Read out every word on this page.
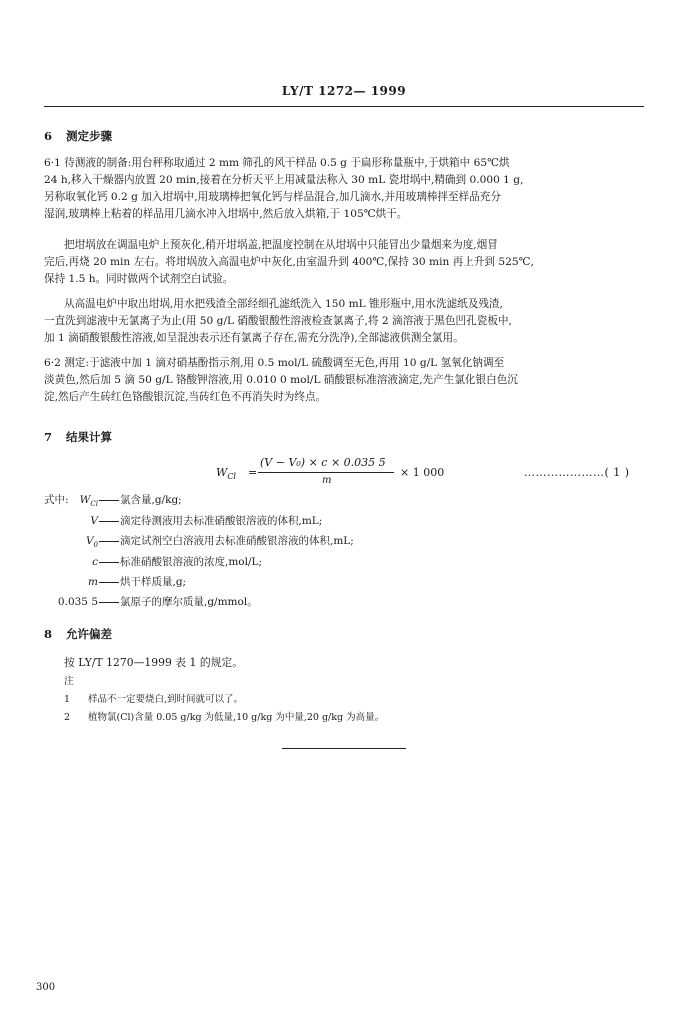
LY/T 1272— 1999
6 测定步骤
6·1 待测液的制备:用台秤称取通过 2 mm 筛孔的风干样品 0.5 g 于扁形称量瓶中,于烘箱中 65℃烘
24 h,移入干燥器内放置 20 min,接着在分析天平上用减量法称入 30 mL 瓷坩埚中,精确到 0.000 1 g,
另称取氧化钙 0.2 g 加入坩埚中,用玻璃棒把氧化钙与样品混合,加几滴水,并用玻璃棒拌至样品充分
湿润,玻璃棒上粘着的样品用几滴水冲入坩埚中,然后放入烘箱,于 105℃烘干。
把坩埚放在调温电炉上预灰化,稍开坩埚盖,把温度控制在从坩埚中只能冒出少量烟来为度,烟冒
完后,再烧 20 min 左右。将坩埚放入高温电炉中灰化,由室温升到 400℃,保持 30 min 再上升到 525℃,
保持 1.5 h。同时做两个试剂空白试验。
从高温电炉中取出坩埚,用水把残渣全部经细孔滤纸洗入 150 mL 锥形瓶中,用水洗滤纸及残渣,
一直洗到滤液中无氯离子为止(用 50 g/L 硝酸银酸性溶液检查氯离子,将 2 滴溶液于黑色凹孔瓷板中,
加 1 滴硝酸银酸性溶液,如呈混浊表示还有氯离子存在,需充分洗净),全部滤液供测全氯用。
6·2 测定:于滤液中加 1 滴对硝基酚指示剂,用 0.5 mol/L 硫酸调至无色,再用 10 g/L 氢氧化钠调至
淡黄色,然后加 5 滴 50 g/L 铬酸钾溶液,用 0.010 0 mol/L 硝酸银标准溶液滴定,先产生氯化银白色沉
淀,然后产生砖红色铬酸银沉淀,当砖红色不再消失时为终点。
7 结果计算
$W_{Cl}$ =
(V − V₀) × c × 0.035 5
m
× 1 000	…………………( 1 )
式中:	$W_{Cl}$ 氯含量,g/kg;
V 滴定待测液用去标准硝酸银溶液的体积,mL;
$V_0$ 滴定试剂空白溶液用去标准硝酸银溶液的体积,mL;
c 标准硝酸银溶液的浓度,mol/L;
m 烘干样质量,g;
0.035 5 氯原子的摩尔质量,g/mmol。
8 允许偏差
按 LY/T 1270—1999 表 1 的规定。
注
1 样品不一定要烧白,到时间就可以了。
2 植物氯(Cl)含量 0.05 g/kg 为低量,10 g/kg 为中量,20 g/kg 为高量。
300
